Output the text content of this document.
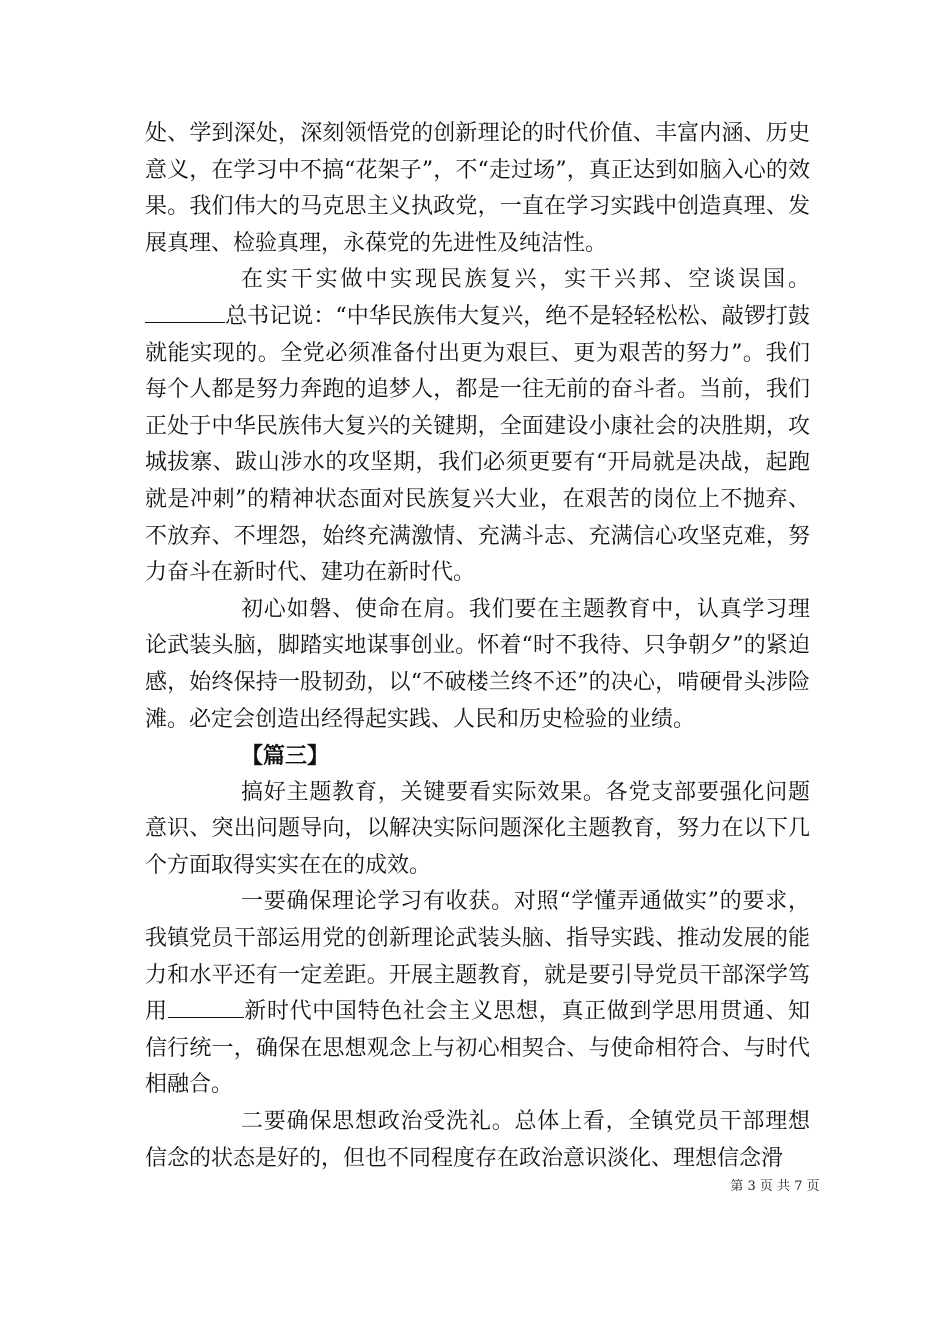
处、学到深处，深刻领悟党的创新理论的时代价值、丰富内涵、历史意义，在学习中不搞“花架子”，不“走过场”，真正达到如脑入心的效果。我们伟大的马克思主义执政党，一直在学习实践中创造真理、发展真理、检验真理，永葆党的先进性及纯洁性。

在实干实做中实现民族复兴，实干兴邦、空谈误国。总书记说：“中华民族伟大复兴，绝不是轻轻松松、敲锣打鼓就能实现的。全党必须准备付出更为艰巨、更为艰苦的努力”。我们每个人都是努力奔跑的追梦人，都是一往无前的奋斗者。当前，我们正处于中华民族伟大复兴的关键期，全面建设小康社会的决胜期，攻城拔寨、跋山涉水的攻坚期，我们必须更要有“开局就是决战，起跑就是冲刺”的精神状态面对民族复兴大业，在艰苦的岗位上不抛弃、不放弃、不埋怨，始终充满激情、充满斗志、充满信心攻坚克难，努力奋斗在新时代、建功在新时代。

初心如磐、使命在肩。我们要在主题教育中，认真学习理论武装头脑，脚踏实地谋事创业。怀着“时不我待、只争朝夕”的紧迫感，始终保持一股韧劲，以“不破楼兰终不还”的决心，啃硬骨头涉险滩。必定会创造出经得起实践、人民和历史检验的业绩。

【篇三】

搞好主题教育，关键要看实际效果。各党支部要强化问题意识、突出问题导向，以解决实际问题深化主题教育，努力在以下几个方面取得实实在在的成效。

一要确保理论学习有收获。对照“学懂弄通做实”的要求，我镇党员干部运用党的创新理论武装头脑、指导实践、推动发展的能力和水平还有一定差距。开展主题教育，就是要引导党员干部深学笃用	新时代中国特色社会主义思想，真正做到学思用贯通、知信行统一，确保在思想观念上与初心相契合、与使命相符合、与时代相融合。

二要确保思想政治受洗礼。总体上看，全镇党员干部理想信念的状态是好的，但也不同程度存在政治意识淡化、理想信念滑

第 3 页 共 7 页
